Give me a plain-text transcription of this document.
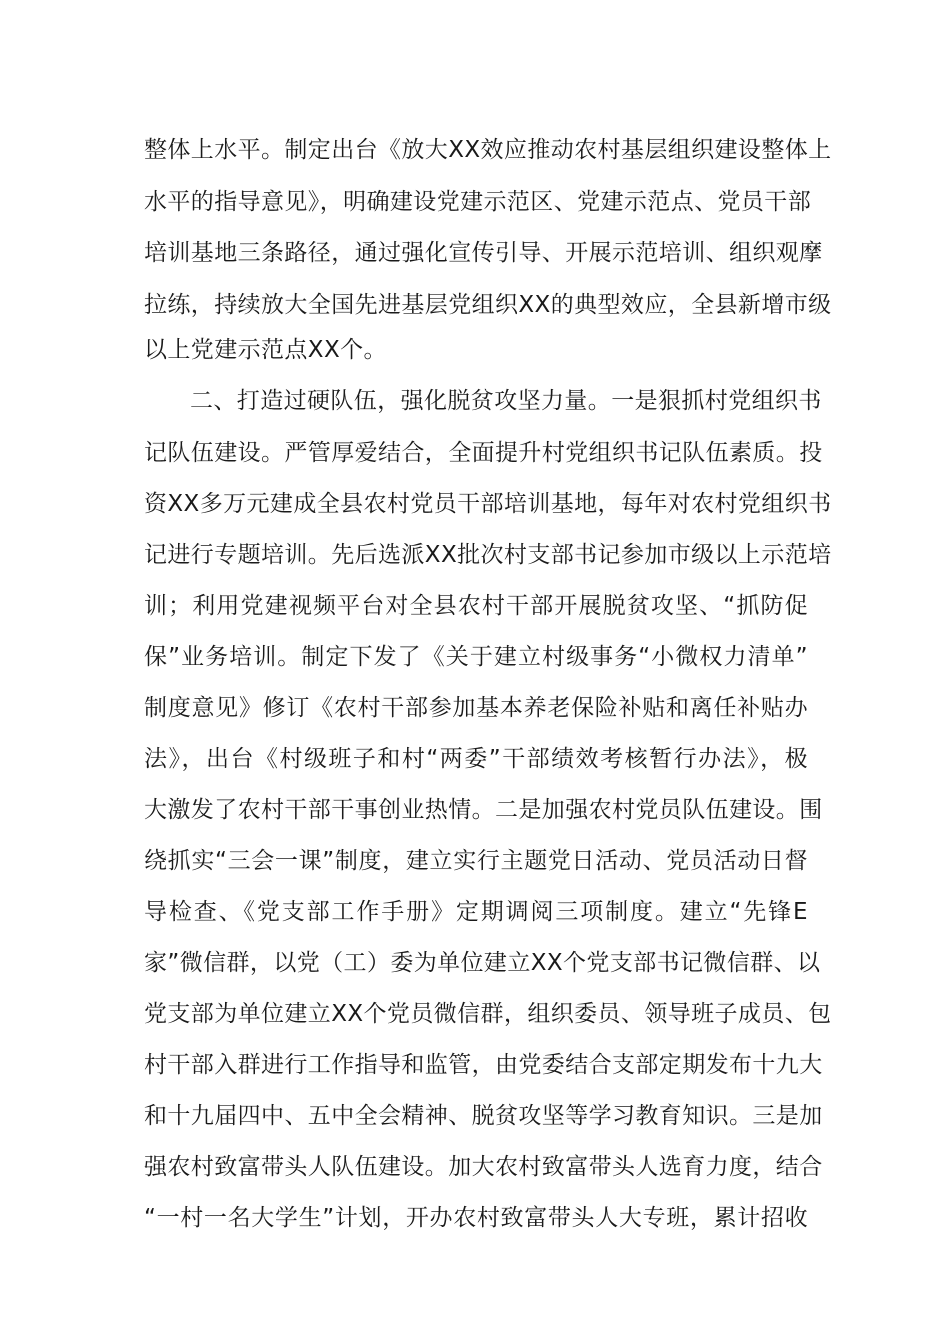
整体上水平。制定出台《放大XX效应推动农村基层组织建设整体上
水平的指导意见》，明确建设党建示范区、党建示范点、党员干部
培训基地三条路径，通过强化宣传引导、开展示范培训、组织观摩
拉练，持续放大全国先进基层党组织XX的典型效应，全县新增市级
以上党建示范点XX个。
二、打造过硬队伍，强化脱贫攻坚力量。一是狠抓村党组织书
记队伍建设。严管厚爱结合，全面提升村党组织书记队伍素质。投
资XX多万元建成全县农村党员干部培训基地，每年对农村党组织书
记进行专题培训。先后选派XX批次村支部书记参加市级以上示范培
训；利用党建视频平台对全县农村干部开展脱贫攻坚、“抓防促
保”业务培训。制定下发了《关于建立村级事务“小微权力清单”
制度意见》修订《农村干部参加基本养老保险补贴和离任补贴办
法》，出台《村级班子和村“两委”干部绩效考核暂行办法》，极
大激发了农村干部干事创业热情。二是加强农村党员队伍建设。围
绕抓实“三会一课”制度，建立实行主题党日活动、党员活动日督
导检查、《党支部工作手册》定期调阅三项制度。建立“先锋E
家”微信群，以党（工）委为单位建立XX个党支部书记微信群、以
党支部为单位建立XX个党员微信群，组织委员、领导班子成员、包
村干部入群进行工作指导和监管，由党委结合支部定期发布十九大
和十九届四中、五中全会精神、脱贫攻坚等学习教育知识。三是加
强农村致富带头人队伍建设。加大农村致富带头人选育力度，结合
“一村一名大学生”计划，开办农村致富带头人大专班，累计招收
